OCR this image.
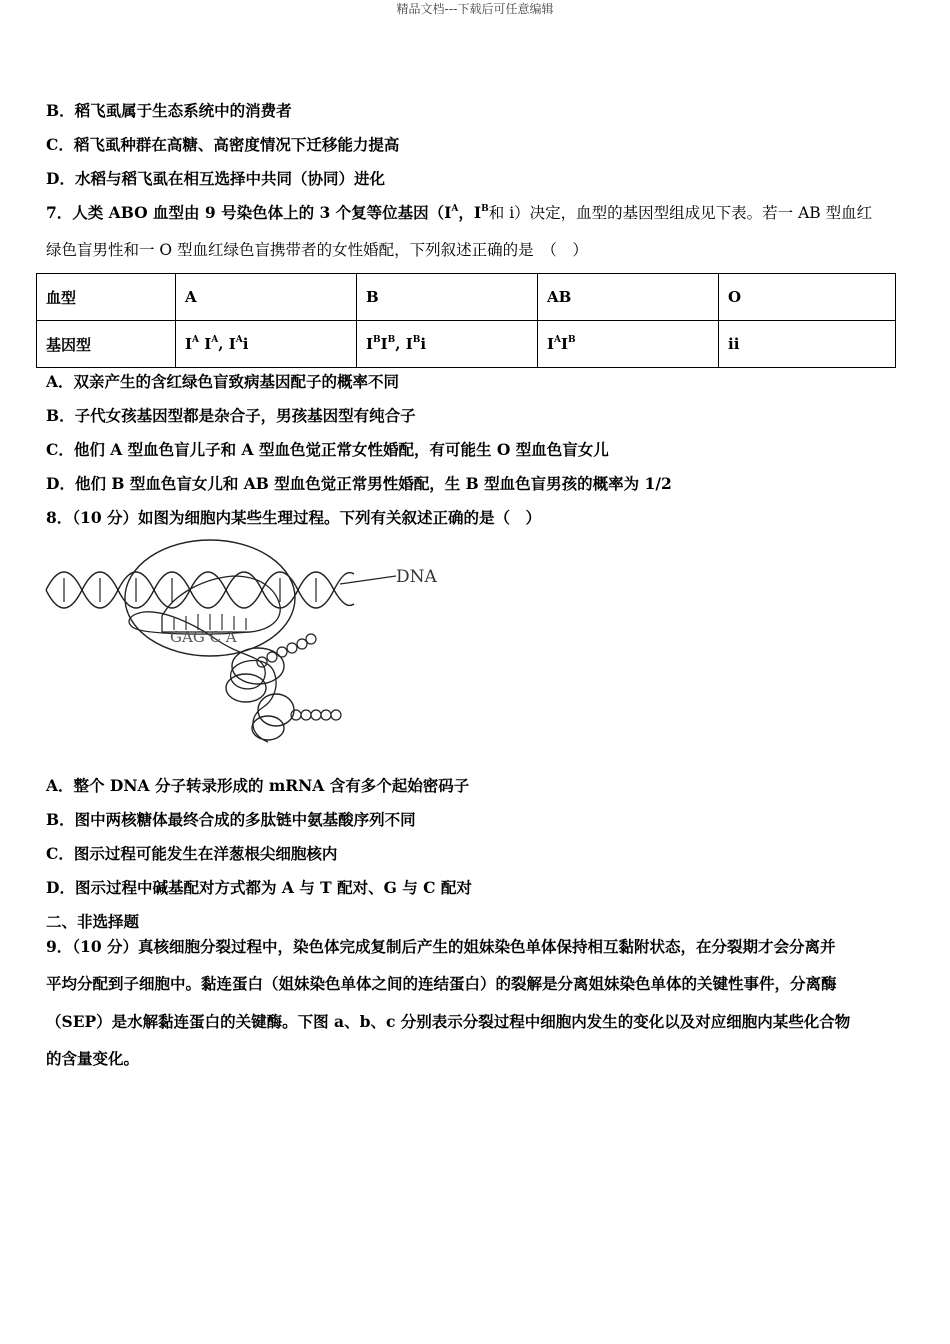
精品文档---下载后可任意编辑
B．稻飞虱属于生态系统中的消费者
C．稻飞虱种群在高糖、高密度情况下迁移能力提高
D．水稻与稻飞虱在相互选择中共同（协同）进化
7．人类 ABO 血型由 9 号染色体上的 3 个复等位基因（$I^A$，$I^B$和 i）决定，血型的基因型组成见下表。若一 AB 型血红
绿色盲男性和一 O 型血红绿色盲携带者的女性婚配，下列叙述正确的是　（　）
血型	A	B	AB	O
基因型	$I^A$ $I^A$, $I^Ai$	$I^BI^B$, $I^Bi$	$I^AI^B$	ii
A．双亲产生的含红绿色盲致病基因配子的概率不同
B．子代女孩基因型都是杂合子，男孩基因型有纯合子
C．他们 A 型血色盲儿子和 A 型血色觉正常女性婚配，有可能生 O 型血色盲女儿
D．他们 B 型血色盲女儿和 AB 型血色觉正常男性婚配，生 B 型血色盲男孩的概率为 1/2
8．（10 分）如图为细胞内某些生理过程。下列有关叙述正确的是（　）
DNA
GAG C A
A．整个 DNA 分子转录形成的 mRNA 含有多个起始密码子
B．图中两核糖体最终合成的多肽链中氨基酸序列不同
C．图示过程可能发生在洋葱根尖细胞核内
D．图示过程中碱基配对方式都为 A 与 T 配对、G 与 C 配对
二、非选择题
9．（10 分）真核细胞分裂过程中，染色体完成复制后产生的姐妹染色单体保持相互黏附状态，在分裂期才会分离并
平均分配到子细胞中。黏连蛋白（姐妹染色单体之间的连结蛋白）的裂解是分离姐妹染色单体的关键性事件，分离酶
（SEP）是水解黏连蛋白的关键酶。下图 a、b、c 分别表示分裂过程中细胞内发生的变化以及对应细胞内某些化合物
的含量变化。
